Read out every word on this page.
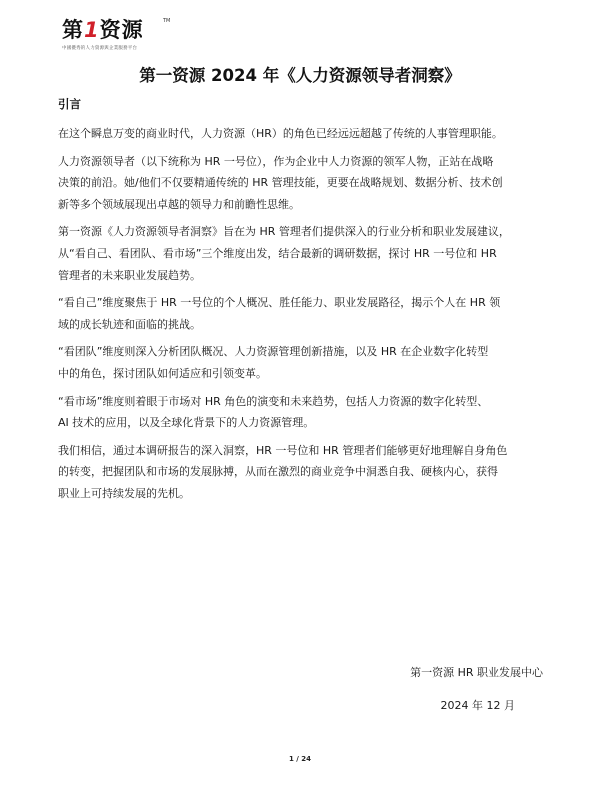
第1资源	TM
中國優秀的人力資源與企業服務平台
第一资源 2024 年《人力资源领导者洞察》
引言

在这个瞬息万变的商业时代，人力资源（HR）的角色已经远远超越了传统的人事管理职能。

人力资源领导者（以下统称为 HR 一号位），作为企业中人力资源的领军人物，正站在战略
决策的前沿。她/他们不仅要精通传统的 HR 管理技能，更要在战略规划、数据分析、技术创
新等多个领域展现出卓越的领导力和前瞻性思维。

第一资源《人力资源领导者洞察》旨在为 HR 管理者们提供深入的行业分析和职业发展建议，
从“看自己、看团队、看市场”三个维度出发，结合最新的调研数据，探讨 HR 一号位和 HR
管理者的未来职业发展趋势。

“看自己”维度聚焦于 HR 一号位的个人概况、胜任能力、职业发展路径，揭示个人在 HR 领
域的成长轨迹和面临的挑战。

“看团队”维度则深入分析团队概况、人力资源管理创新措施，以及 HR 在企业数字化转型
中的角色，探讨团队如何适应和引领变革。

“看市场”维度则着眼于市场对 HR 角色的演变和未来趋势，包括人力资源的数字化转型、
AI 技术的应用，以及全球化背景下的人力资源管理。

我们相信，通过本调研报告的深入洞察，HR 一号位和 HR 管理者们能够更好地理解自身角色
的转变，把握团队和市场的发展脉搏，从而在激烈的商业竞争中洞悉自我、硬核内心，获得
职业上可持续发展的先机。

第一资源 HR 职业发展中心
2024 年 12 月
1 / 24
